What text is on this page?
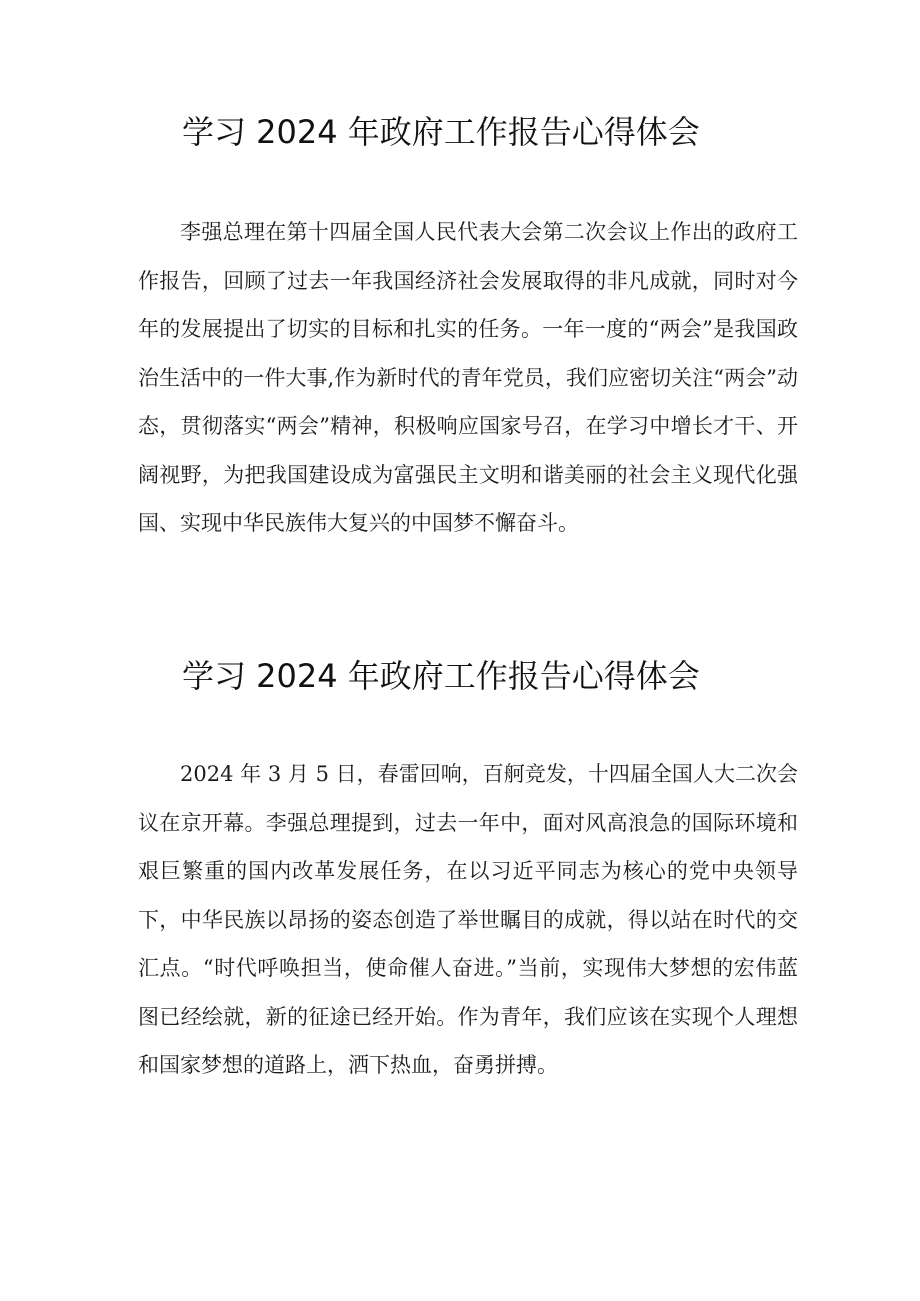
学习 2024 年政府工作报告心得体会

李强总理在第十四届全国人民代表大会第二次会议上作出的政府工作报告，回顾了过去一年我国经济社会发展取得的非凡成就，同时对今年的发展提出了切实的目标和扎实的任务。一年一度的“两会”是我国政治生活中的一件大事,作为新时代的青年党员，我们应密切关注“两会”动态，贯彻落实“两会”精神，积极响应国家号召，在学习中增长才干、开阔视野，为把我国建设成为富强民主文明和谐美丽的社会主义现代化强国、实现中华民族伟大复兴的中国梦不懈奋斗。

学习 2024 年政府工作报告心得体会

2024 年 3 月 5 日，春雷回响，百舸竞发，十四届全国人大二次会议在京开幕。李强总理提到，过去一年中，面对风高浪急的国际环境和艰巨繁重的国内改革发展任务，在以习近平同志为核心的党中央领导下，中华民族以昂扬的姿态创造了举世瞩目的成就，得以站在时代的交汇点。“时代呼唤担当，使命催人奋进。”当前，实现伟大梦想的宏伟蓝图已经绘就，新的征途已经开始。作为青年，我们应该在实现个人理想和国家梦想的道路上，洒下热血，奋勇拼搏。
